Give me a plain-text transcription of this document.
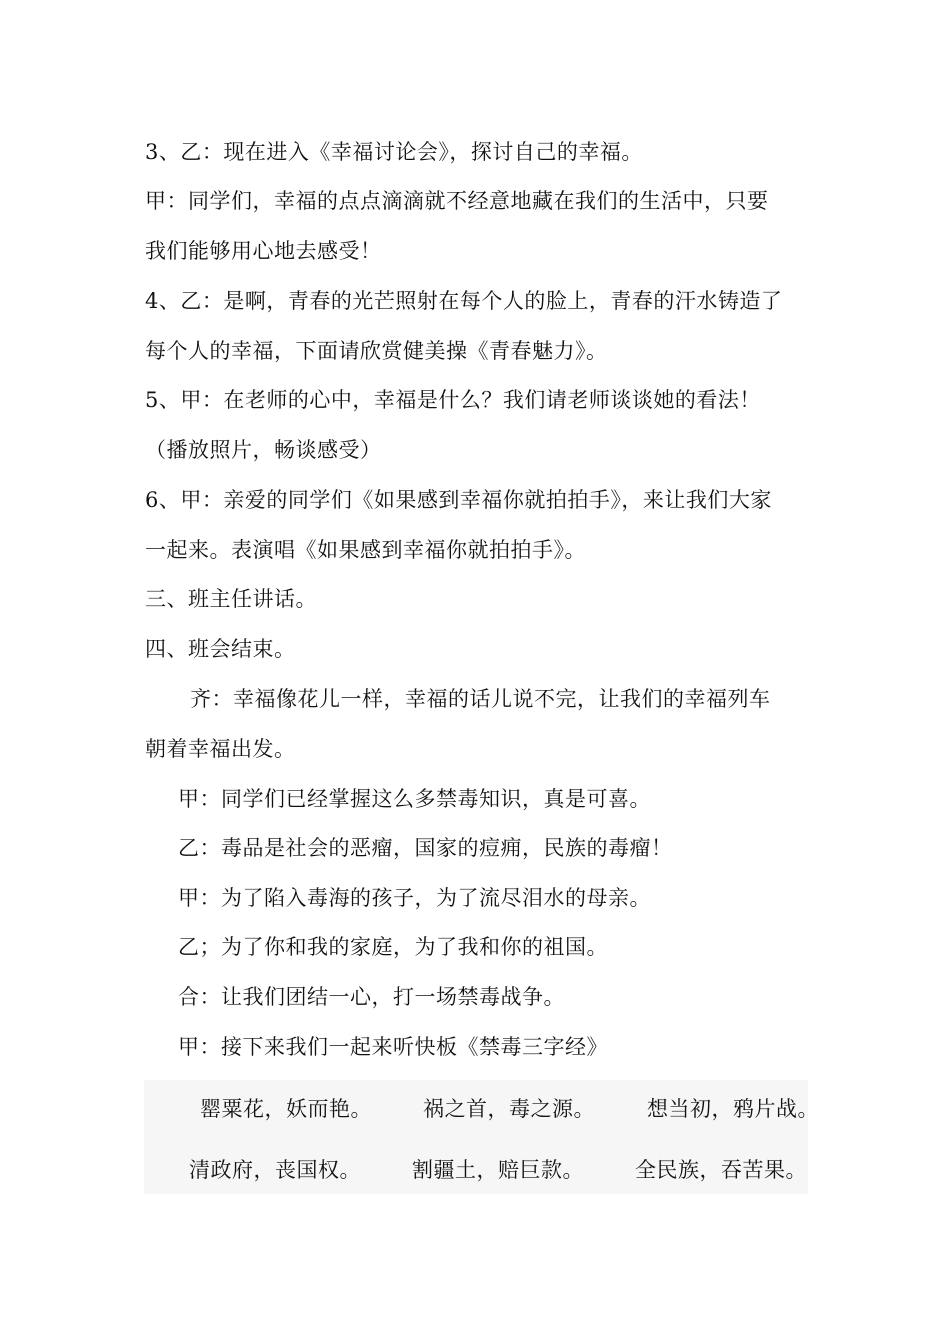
3、乙：现在进入《幸福讨论会》，探讨自己的幸福。
甲：同学们，幸福的点点滴滴就不经意地藏在我们的生活中，只要
我们能够用心地去感受！
4、乙：是啊，青春的光芒照射在每个人的脸上，青春的汗水铸造了
每个人的幸福，下面请欣赏健美操《青春魅力》。
5、甲：在老师的心中，幸福是什么？我们请老师谈谈她的看法！
（播放照片，畅谈感受）
6、甲：亲爱的同学们《如果感到幸福你就拍拍手》，来让我们大家
一起来。表演唱《如果感到幸福你就拍拍手》。
三、班主任讲话。
四、班会结束。
齐：幸福像花儿一样，幸福的话儿说不完，让我们的幸福列车
朝着幸福出发。
甲：同学们已经掌握这么多禁毒知识，真是可喜。
乙：毒品是社会的恶瘤，国家的痘痈，民族的毒瘤！
甲：为了陷入毒海的孩子，为了流尽泪水的母亲。
乙；为了你和我的家庭，为了我和你的祖国。
合：让我们团结一心，打一场禁毒战争。
甲：接下来我们一起来听快板《禁毒三字经》
罂粟花，妖而艳。 祸之首，毒之源。 想当初，鸦片战。
清政府，丧国权。 割疆土，赔巨款。 全民族，吞苦果。
